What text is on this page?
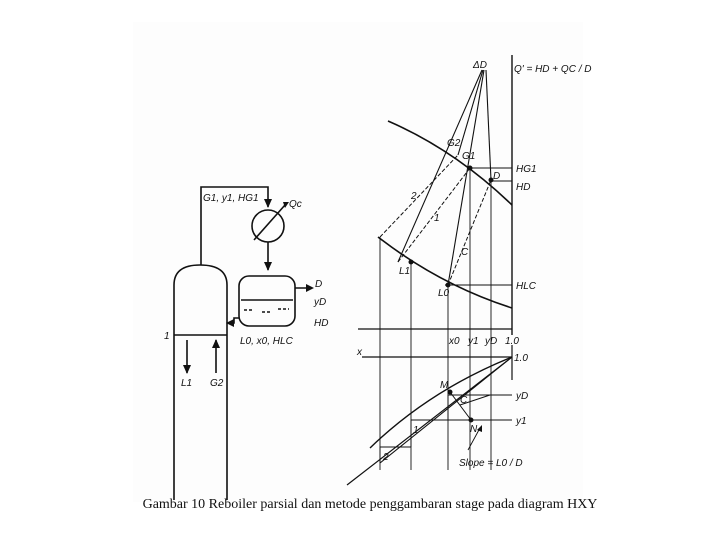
G1, y1, HG1
Qc
D
yD
HD
L0, x0, HLC
1
L1 G2
ΔD	Q' = HD + QC / D
G2
G1
D
HG1
HD
HLC
L1
L0
C
1
2
x0 y1 yD 1.0
x
1.0
yD
y1
M
C
N
1
2
Slope = L0 / D
Gambar 10 Reboiler parsial dan metode penggambaran stage pada diagram HXY
